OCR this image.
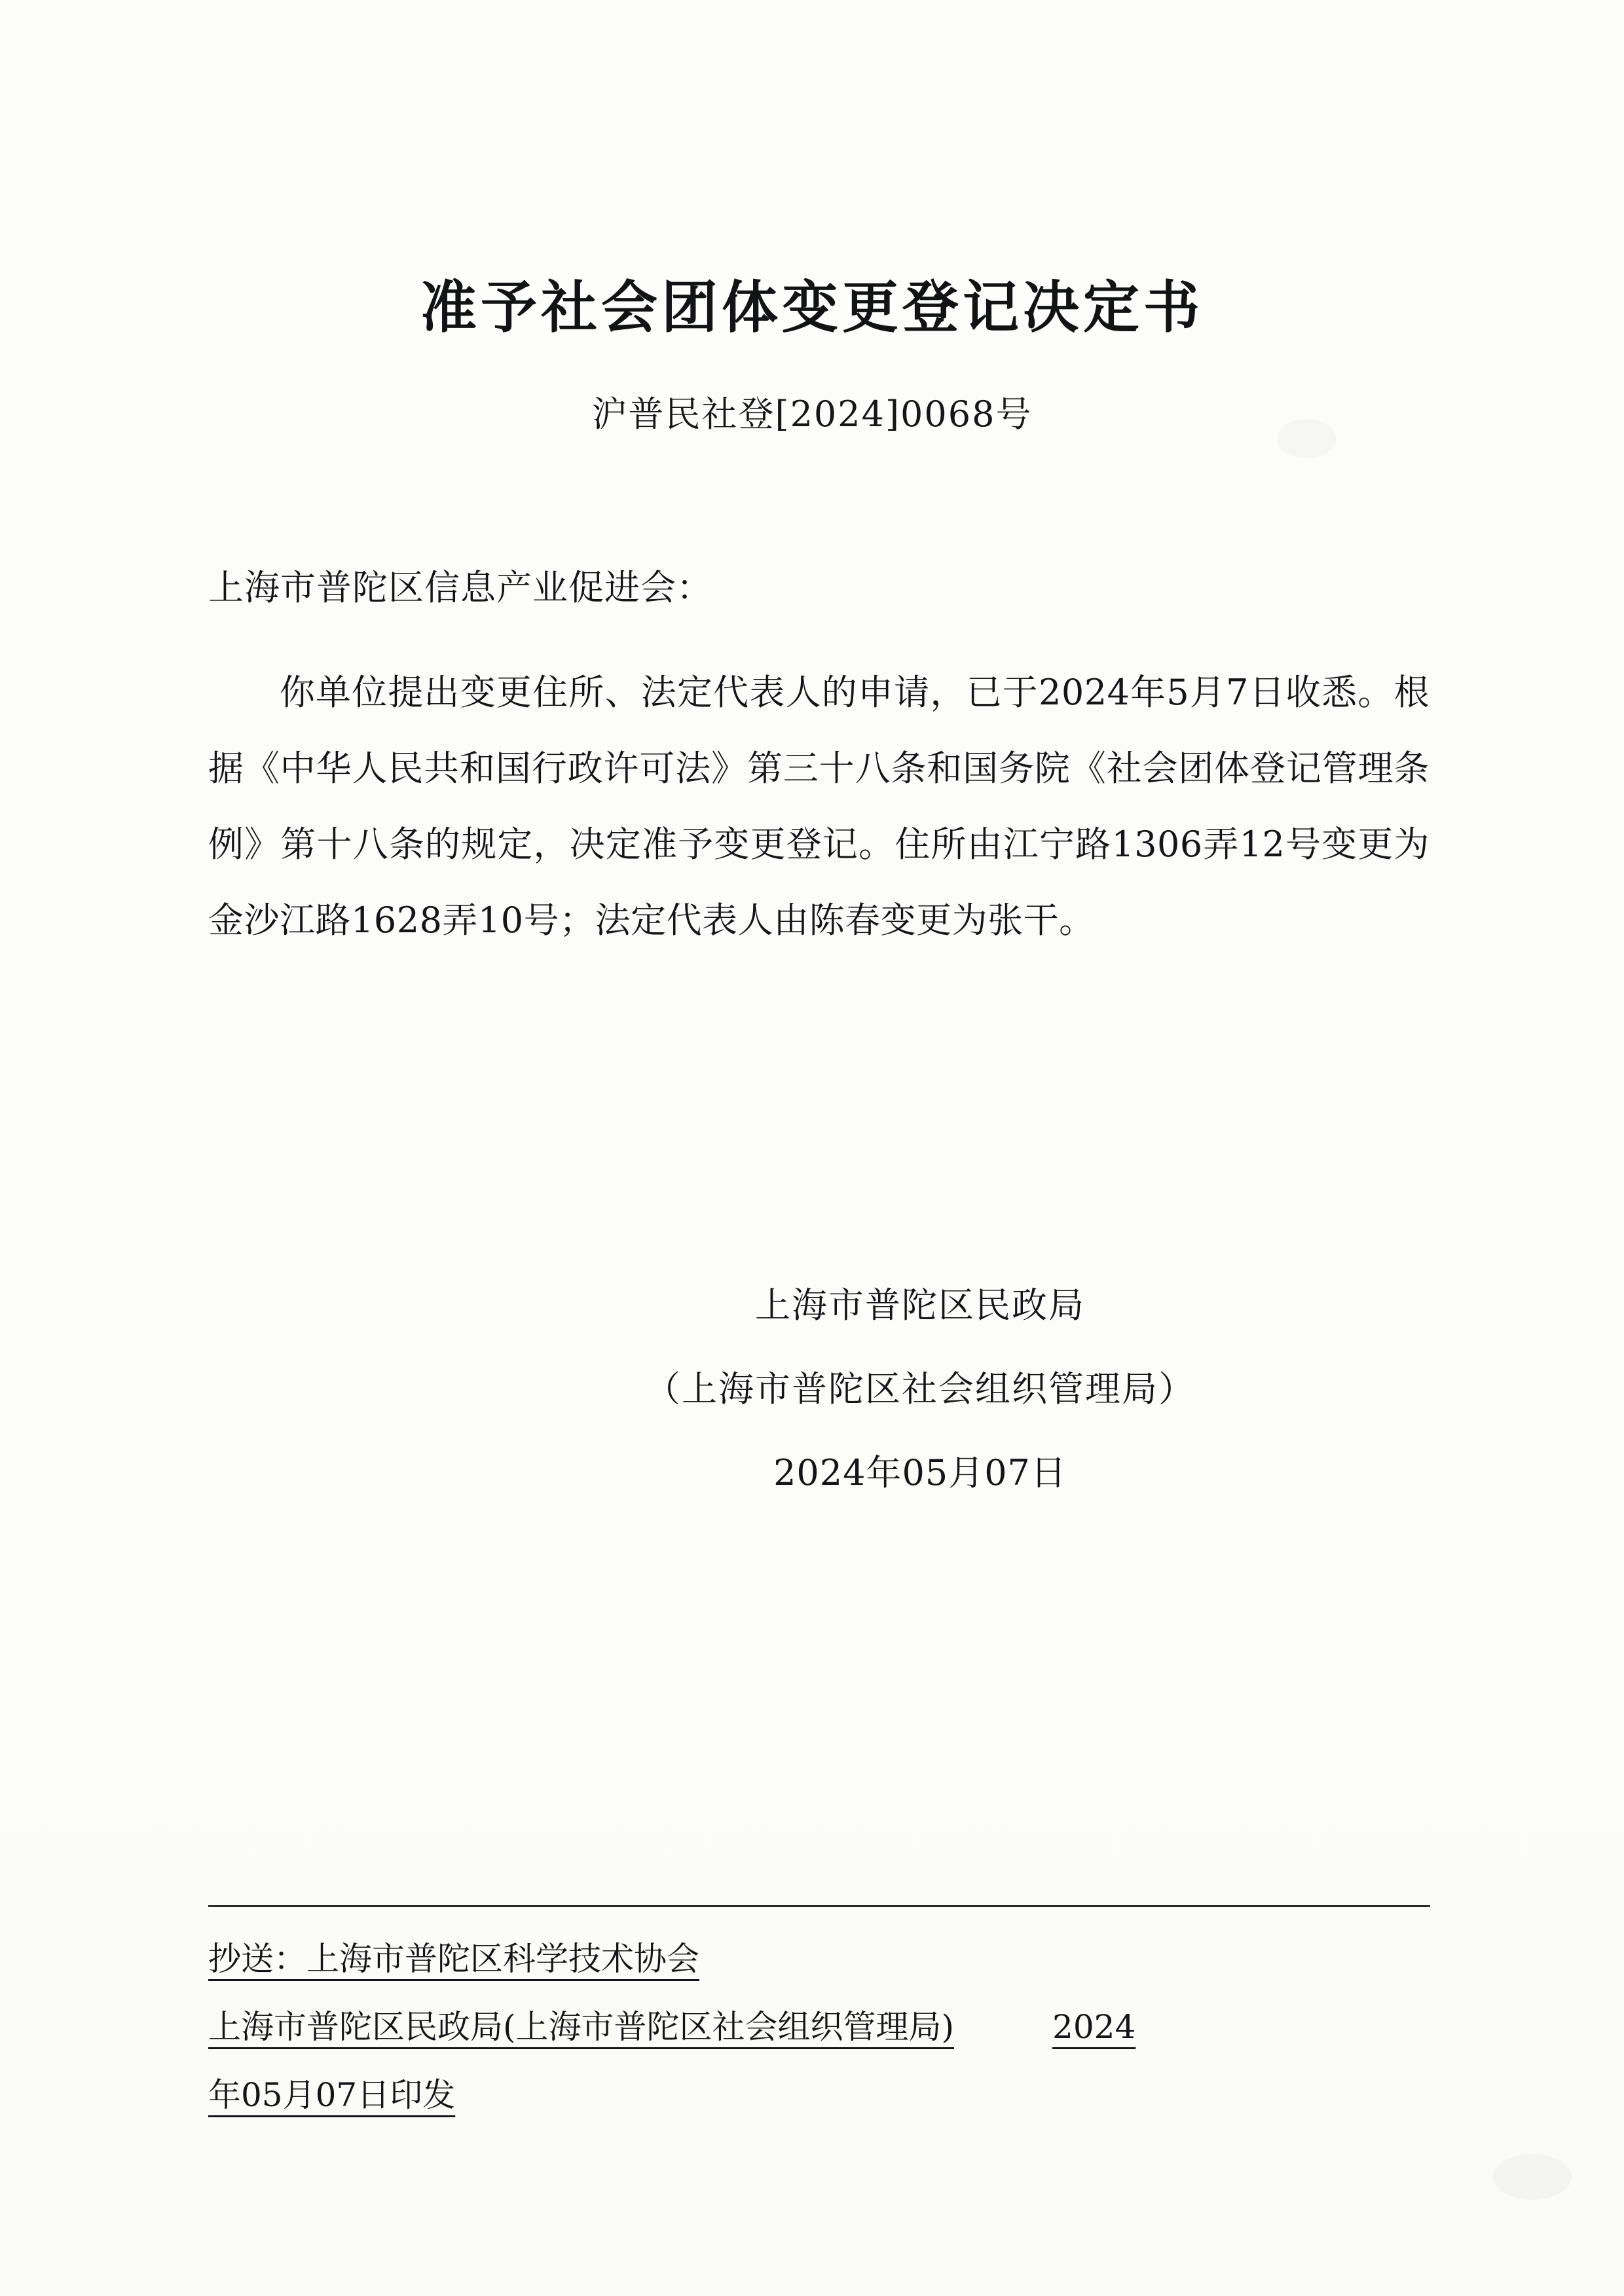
准予社会团体变更登记决定书
沪普民社登[2024]0068号
上海市普陀区信息产业促进会：
你单位提出变更住所、法定代表人的申请，已于2024年5月7日收悉。根据《中华人民共和国行政许可法》第三十八条和国务院《社会团体登记管理条例》第十八条的规定，决定准予变更登记。住所由江宁路1306弄12号变更为金沙江路1628弄10号；法定代表人由陈春变更为张干。
上海市普陀区民政局
（上海市普陀区社会组织管理局）
2024年05月07日
抄送：上海市普陀区科学技术协会
上海市普陀区民政局(上海市普陀区社会组织管理局)	2024
年05月07日印发
